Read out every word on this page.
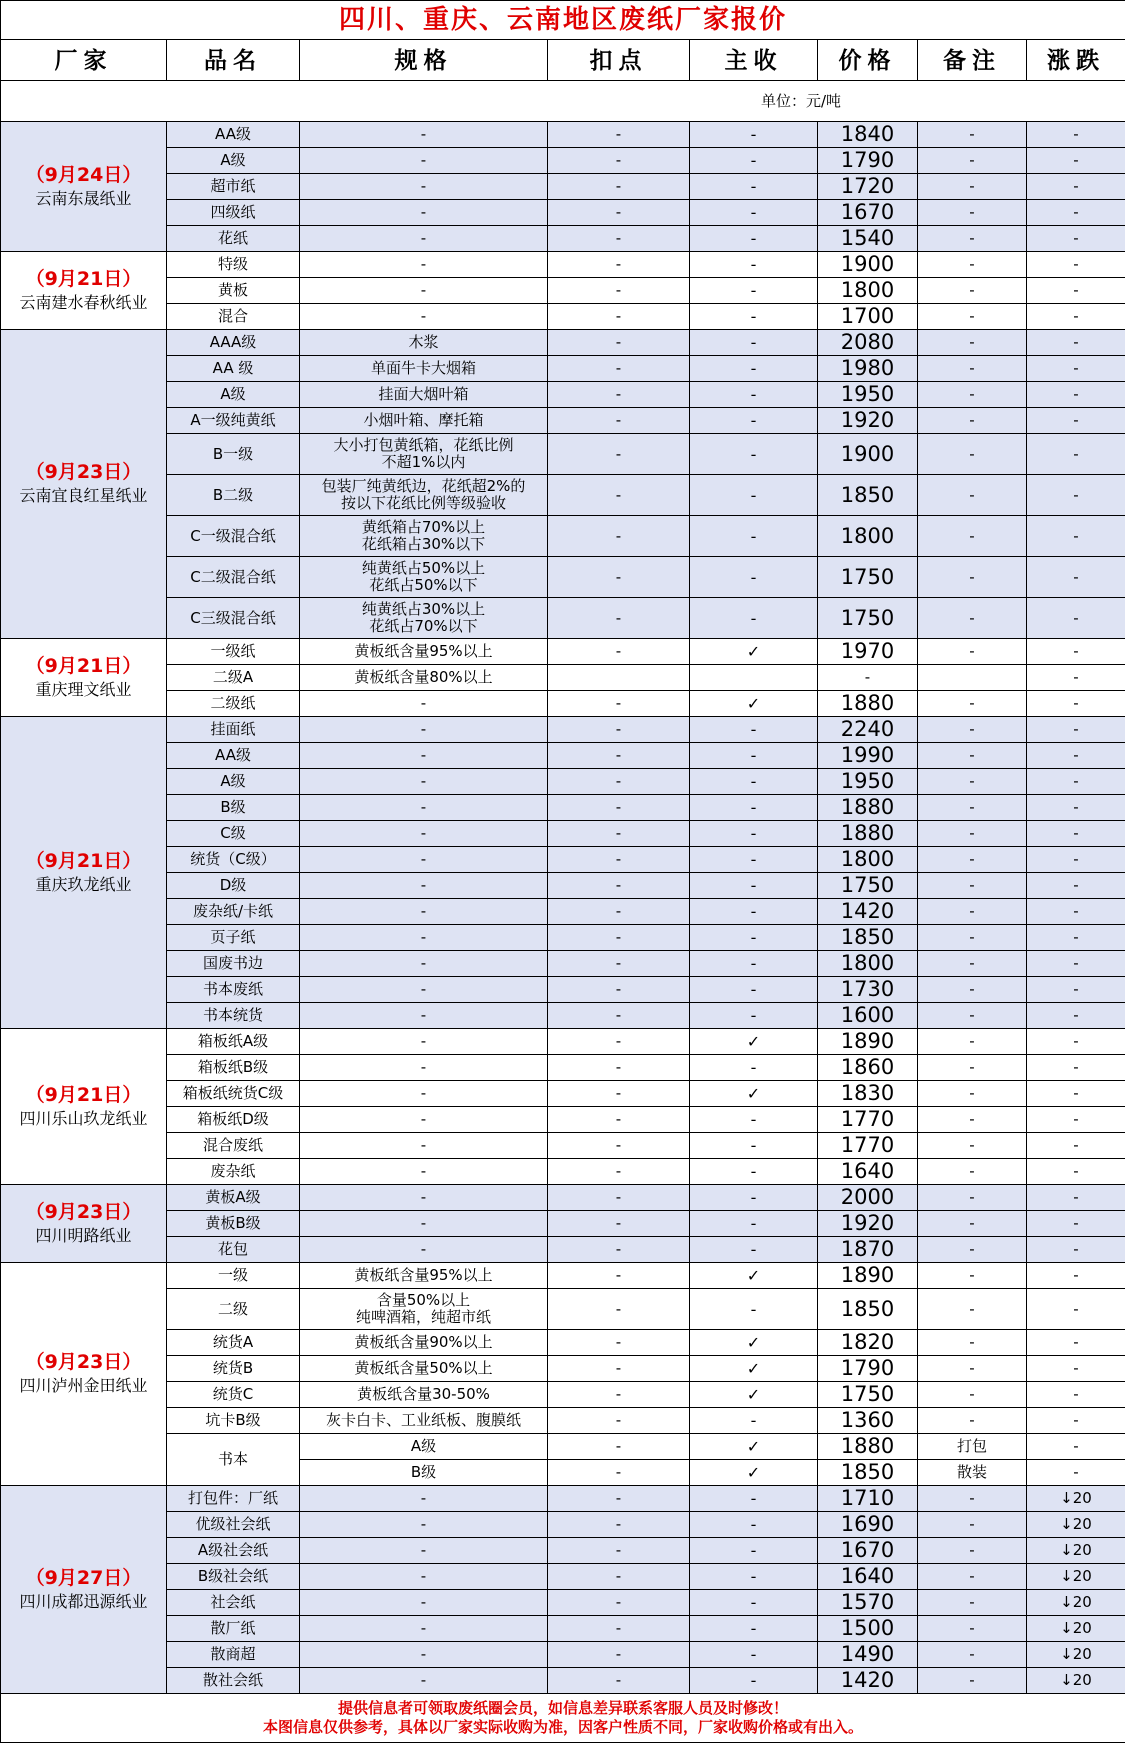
四川、重庆、云南地区废纸厂家报价							
厂家	品名	规格	扣点	主收	价格	备注	涨跌
单位：元/吨							

（9月24日）
云南东晟纸业	AA级	-	-	-	1840	-	-
	A级	-	-	-	1790	-	-
	超市纸	-	-	-	1720	-	-
	四级纸	-	-	-	1670	-	-
	花纸	-	-	-	1540	-	-

（9月21日）
云南建水春秋纸业	特级	-	-	-	1900	-	-
	黄板	-	-	-	1800	-	-
	混合	-	-	-	1700	-	-

（9月23日）
云南宜良红星纸业	AAA级	木浆	-	-	2080	-	-
	AA 级	单面牛卡大烟箱	-	-	1980	-	-
	A级	挂面大烟叶箱	-	-	1950	-	-
	A一级纯黄纸	小烟叶箱、摩托箱	-	-	1920	-	-
	B一级	大小打包黄纸箱，花纸比例
不超1%以内	-	-	1900	-	-
	B二级	包装厂纯黄纸边，花纸超2%的
按以下花纸比例等级验收	-	-	1850	-	-
	C一级混合纸	黄纸箱占70%以上
花纸箱占30%以下	-	-	1800	-	-
	C二级混合纸	纯黄纸占50%以上
花纸占50%以下	-	-	1750	-	-
	C三级混合纸	纯黄纸占30%以上
花纸占70%以下	-	-	1750	-	-

（9月21日）
重庆理文纸业	一级纸	黄板纸含量95%以上	-	✓	1970	-	-
	二级A	黄板纸含量80%以上			-		-
	二级纸	-	-	✓	1880	-	-

（9月21日）
重庆玖龙纸业	挂面纸	-	-	-	2240	-	-
	AA级	-	-	-	1990	-	-
	A级	-	-	-	1950	-	-
	B级	-	-	-	1880	-	-
	C级	-	-	-	1880	-	-
	统货（C级）	-	-	-	1800	-	-
	D级	-	-	-	1750	-	-
	废杂纸/卡纸	-	-	-	1420	-	-
	页子纸	-	-	-	1850	-	-
	国废书边	-	-	-	1800	-	-
	书本废纸	-	-	-	1730	-	-
	书本统货	-	-	-	1600	-	-

（9月21日）
四川乐山玖龙纸业	箱板纸A级	-	-	✓	1890	-	-
	箱板纸B级	-	-	-	1860	-	-
	箱板纸统货C级	-	-	✓	1830	-	-
	箱板纸D级	-	-	-	1770	-	-
	混合废纸	-	-	-	1770	-	-
	废杂纸	-	-	-	1640	-	-

（9月23日）
四川明路纸业	黄板A级	-	-	-	2000	-	-
	黄板B级	-	-	-	1920	-	-
	花包	-	-	-	1870	-	-

（9月23日）
四川泸州金田纸业	一级	黄板纸含量95%以上	-	✓	1890	-	-
	二级	含量50%以上
纯啤酒箱，纯超市纸	-	-	1850	-	-
	统货A	黄板纸含量90%以上	-	✓	1820	-	-
	统货B	黄板纸含量50%以上	-	✓	1790	-	-
	统货C	黄板纸含量30-50%	-	✓	1750	-	-
	坑卡B级	灰卡白卡、工业纸板、腹膜纸	-	-	1360	-	-
	书本	A级	-	✓	1880	打包	-

		B级	-	✓	1850	散装	-

（9月27日）
四川成都迅源纸业	打包件：厂纸	-	-	-	1710	-	↓20
	优级社会纸	-	-	-	1690	-	↓20
	A级社会纸	-	-	-	1670	-	↓20
	B级社会纸	-	-	-	1640	-	↓20
	社会纸	-	-	-	1570	-	↓20
	散厂纸	-	-	-	1500	-	↓20
	散商超	-	-	-	1490	-	↓20
	散社会纸	-	-	-	1420	-	↓20

提供信息者可领取废纸圈会员，如信息差异联系客服人员及时修改！
本图信息仅供参考，具体以厂家实际收购为准，因客户性质不同，厂家收购价格或有出入。							
